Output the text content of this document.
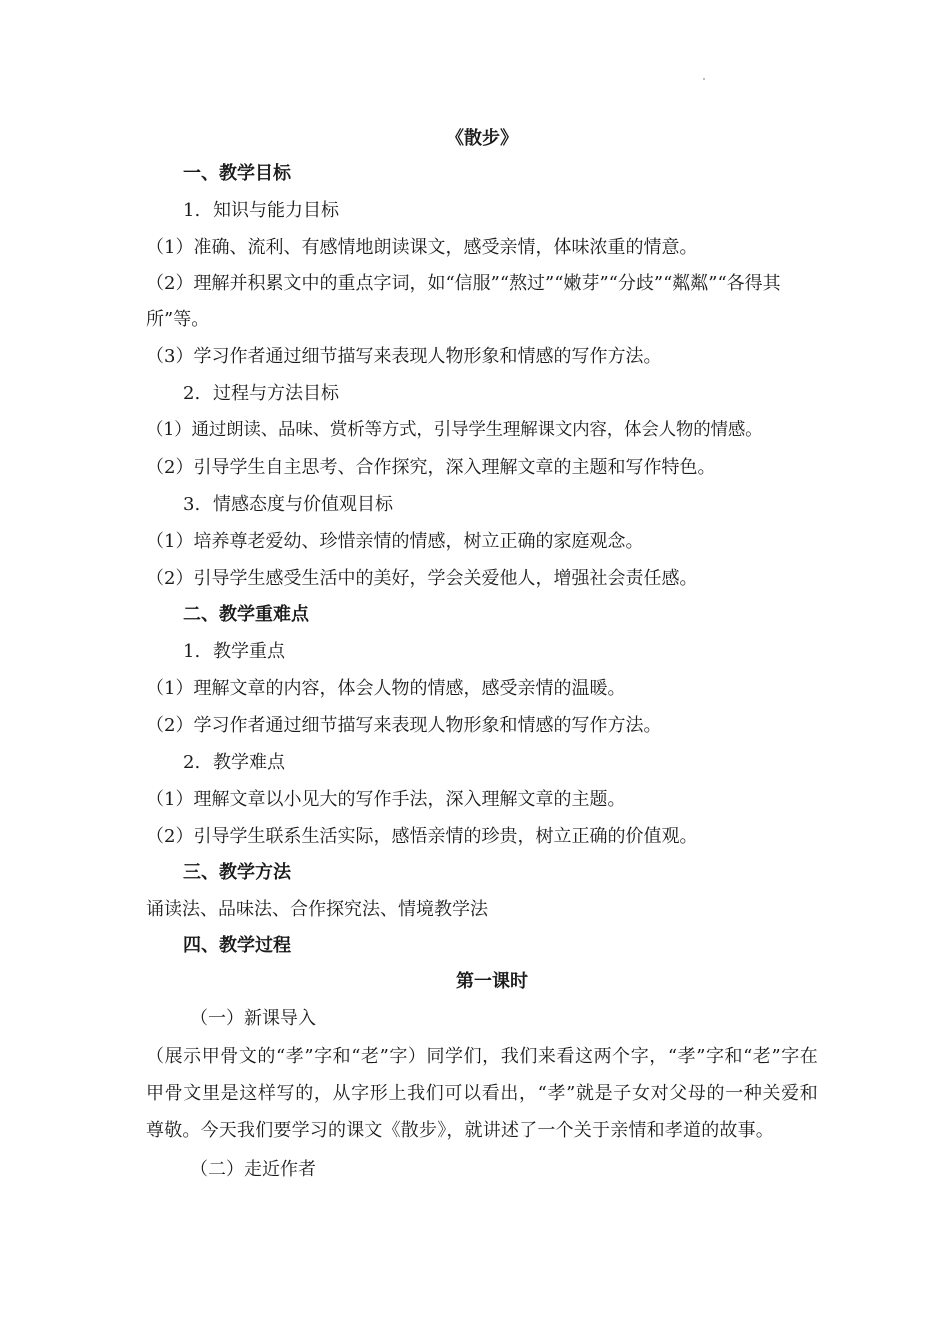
《散步》
一、教学目标
1. 知识与能力目标
（1）准确、流利、有感情地朗读课文，感受亲情，体味浓重的情意。
（2）理解并积累文中的重点字词，如“信服”“熬过”“嫩芽”“分歧”“粼粼”“各得其所”等。
（3）学习作者通过细节描写来表现人物形象和情感的写作方法。
2. 过程与方法目标
（1）通过朗读、品味、赏析等方式，引导学生理解课文内容，体会人物的情感。
（2）引导学生自主思考、合作探究，深入理解文章的主题和写作特色。
3. 情感态度与价值观目标
（1）培养尊老爱幼、珍惜亲情的情感，树立正确的家庭观念。
（2）引导学生感受生活中的美好，学会关爱他人，增强社会责任感。
二、教学重难点
1. 教学重点
（1）理解文章的内容，体会人物的情感，感受亲情的温暖。
（2）学习作者通过细节描写来表现人物形象和情感的写作方法。
2. 教学难点
（1）理解文章以小见大的写作手法，深入理解文章的主题。
（2）引导学生联系生活实际，感悟亲情的珍贵，树立正确的价值观。
三、教学方法
诵读法、品味法、合作探究法、情境教学法
四、教学过程
第一课时
（一）新课导入
（展示甲骨文的“孝”字和“老”字）同学们，我们来看这两个字，“孝”字和“老”字在甲骨文里是这样写的，从字形上我们可以看出，“孝”就是子女对父母的一种关爱和尊敬。今天我们要学习的课文《散步》，就讲述了一个关于亲情和孝道的故事。
（二）走近作者
